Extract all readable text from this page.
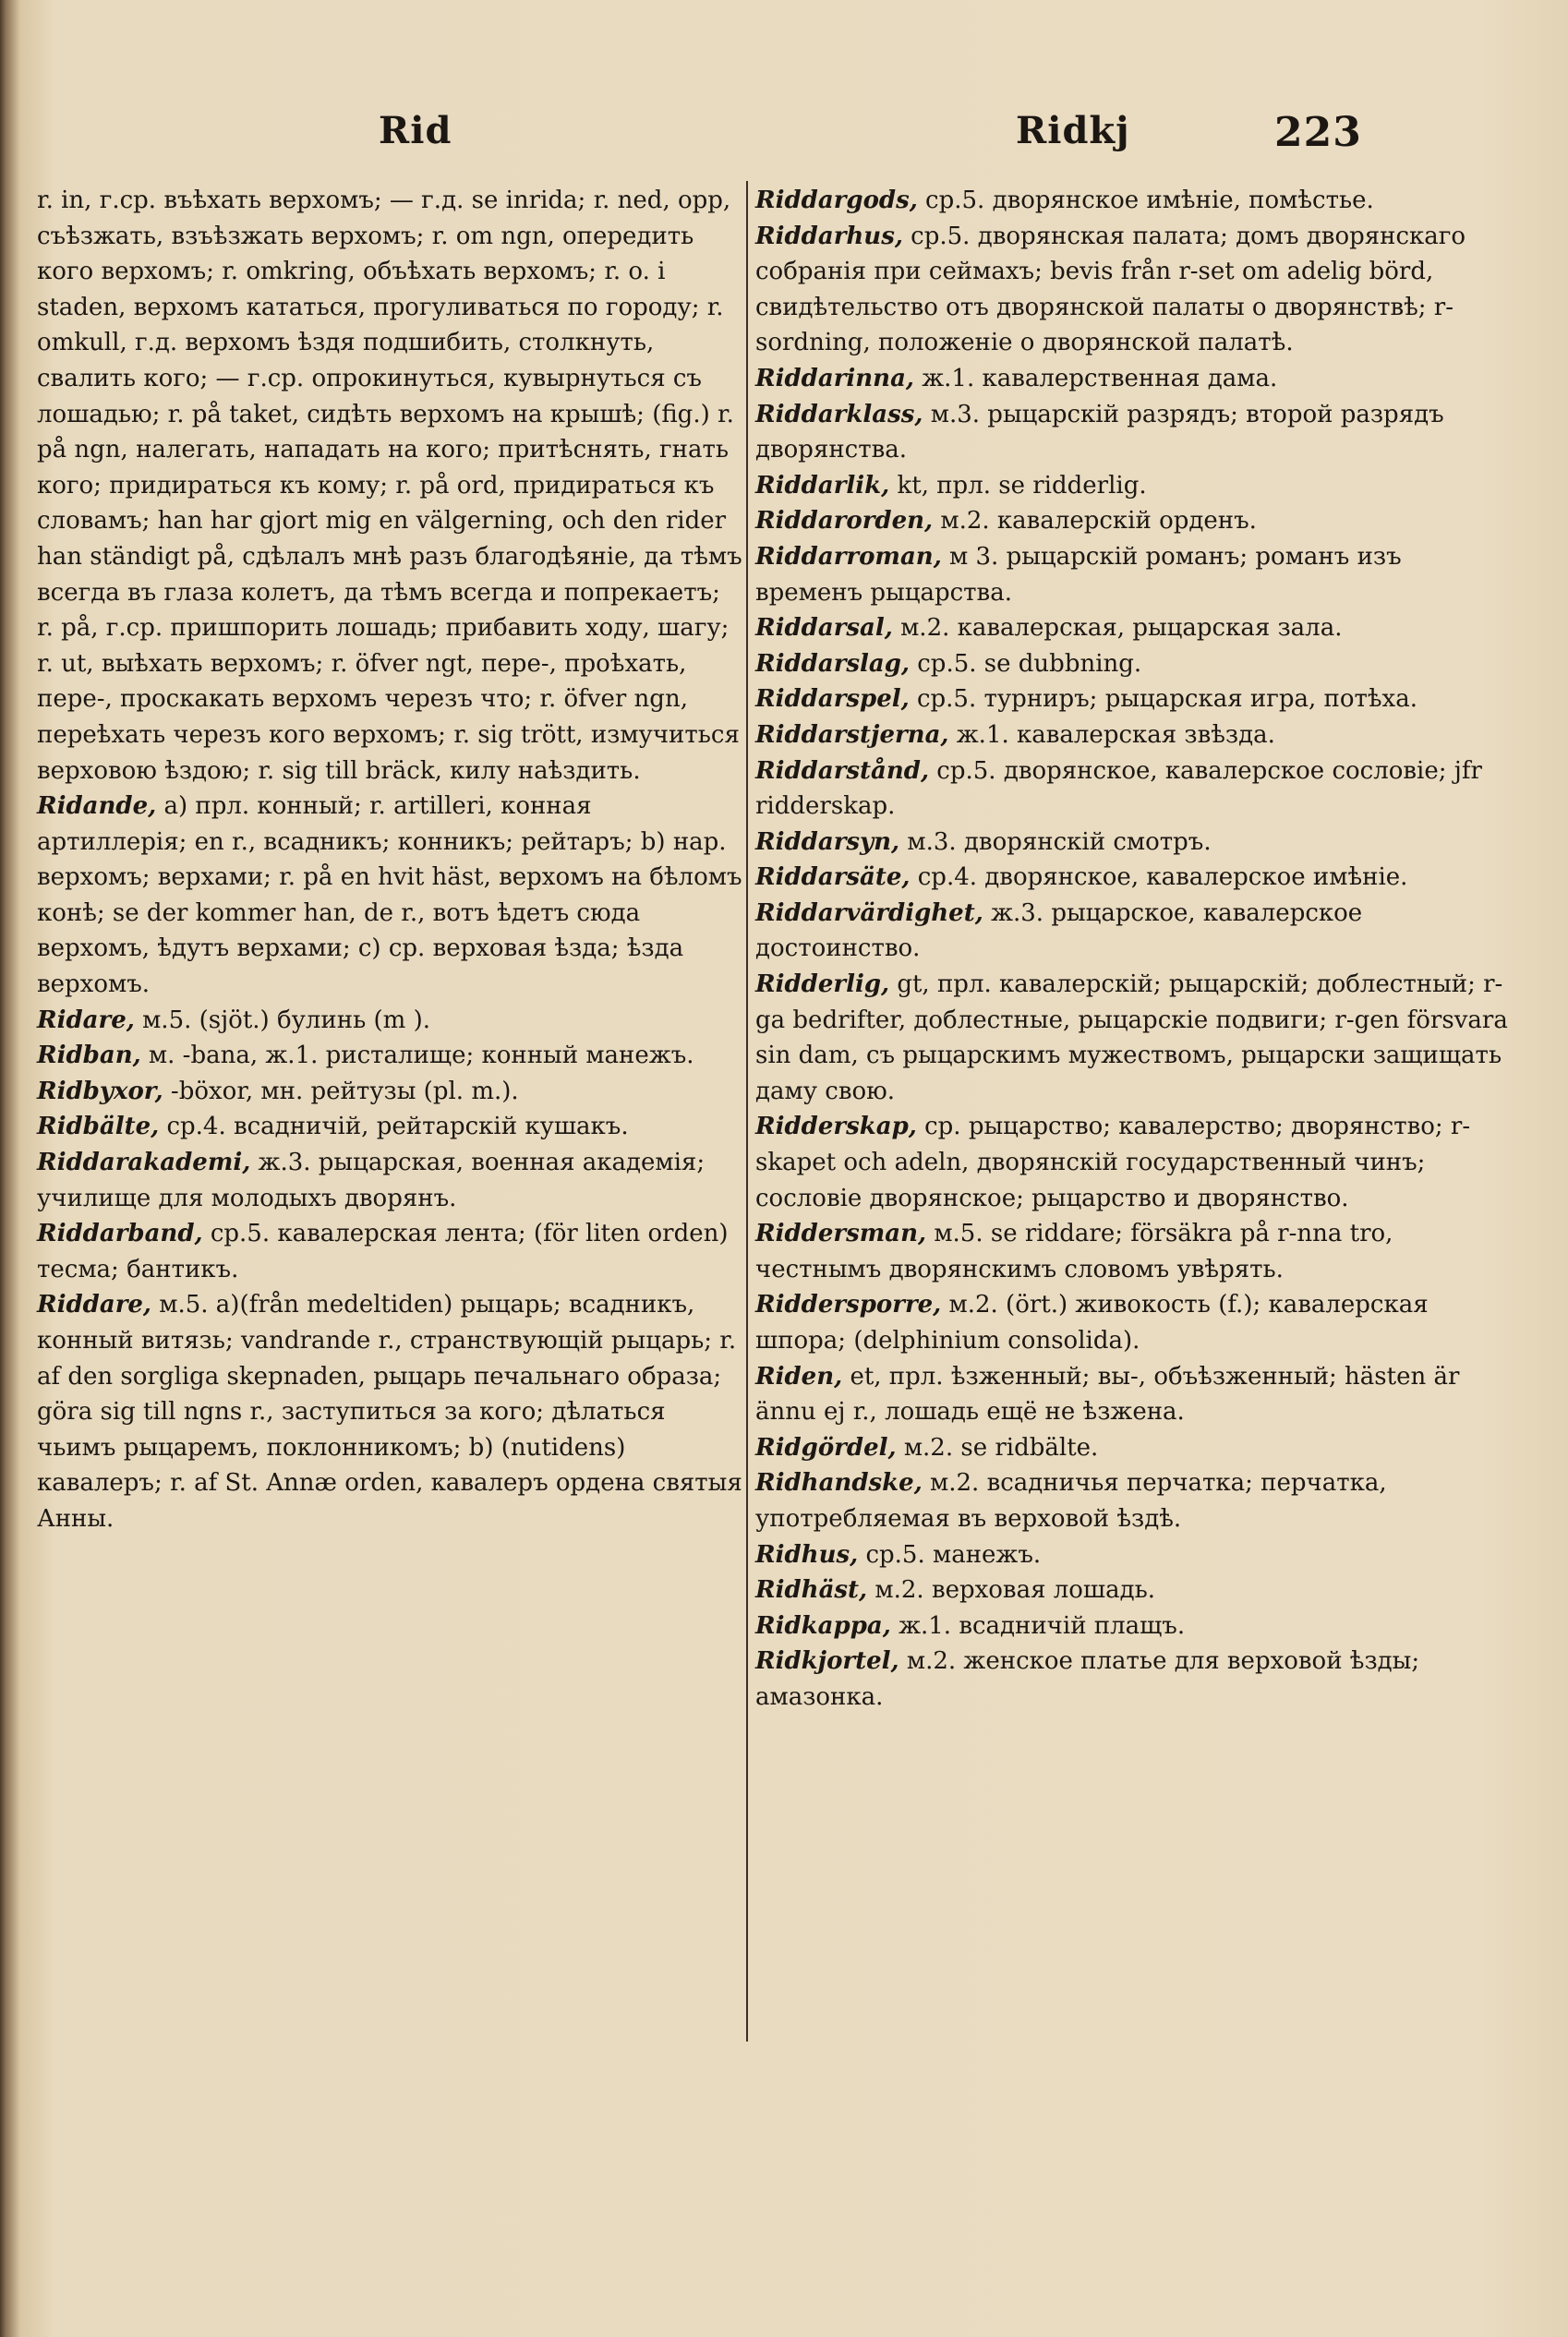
Rid	Ridkj	223
r. in, г.ср. въѣхать верхомъ; — г.д. se inrida; r. ned, opp, съѣзжать, взъѣзжать верхомъ; r. om ngn, опередить кого верхомъ; r. omkring, объѣхать верхомъ; r. o. i staden, верхомъ кататься, прогуливаться по городу; r. omkull, г.д. верхомъ ѣздя подшибить, столкнуть, свалить кого; — г.ср. опрокинуться, кувырнуться съ лошадью; r. på taket, сидѣть верхомъ на крышѣ; (fig.) r. på ngn, налегать, нападать на кого; притѣснять, гнать кого; придираться къ кому; r. på ord, придираться къ словамъ; han har gjort mig en välgerning, och den rider han ständigt på, сдѣлалъ мнѣ разъ благодѣяніе, да тѣмъ всегда въ глаза колетъ, да тѣмъ всегда и попрекаетъ; r. på, г.ср. пришпорить лошадь; прибавить ходу, шагу; r. ut, выѣхать верхомъ; r. öfver ngt, пере-, проѣхать, пере-, проскакать верхомъ черезъ что; r. öfver ngn, переѣхать черезъ кого верхомъ; r. sig trött, измучиться верховою ѣздою; r. sig till bräck, килу наѣздить.
Ridande, a) прл. конный; r. artilleri, конная артиллерія; en r., всадникъ; конникъ; рейтаръ; b) нар. верхомъ; верхами; r. på en hvit häst, верхомъ на бѣломъ конѣ; se der kommer han, de r., вотъ ѣдетъ сюда верхомъ, ѣдутъ верхами; c) ср. верховая ѣзда; ѣзда верхомъ.
Ridare, м.5. (sjöt.) булинь (m ).
Ridban, м. -bana, ж.1. ристалище; конный манежъ.
Ridbyxor, -böxor, мн. рейтузы (pl. m.).
Ridbälte, ср.4. всадничій, рейтарскій кушакъ.
Riddarakademi, ж.3. рыцарская, военная академія; училище для молодыхъ дворянъ.
Riddarband, ср.5. кавалерская лента; (för liten orden) тесма; бантикъ.
Riddare, м.5. a)(från medeltiden) рыцарь; всадникъ, конный витязь; vandrande r., странствующій рыцарь; r. af den sorgliga skepnaden, рыцарь печальнаго образа; göra sig till ngns r., заступиться за кого; дѣлаться чьимъ рыцаремъ, поклонникомъ; b) (nutidens) кавалеръ; r. af St. Annæ orden, кавалеръ ордена святыя Анны.
Riddargods, ср.5. дворянское имѣніе, помѣстье.
Riddarhus, ср.5. дворянская палата; домъ дворянскаго собранія при сеймахъ; bevis från r-set om adelig börd, свидѣтельство отъ дворянской палаты о дворянствѣ; r-sordning, положеніе о дворянской палатѣ.
Riddarinna, ж.1. кавалерственная дама.
Riddarklass, м.3. рыцарскій разрядъ; второй разрядъ дворянства.
Riddarlik, kt, прл. se ridderlig.
Riddarorden, м.2. кавалерскій орденъ.
Riddarroman, м 3. рыцарскій романъ; романъ изъ временъ рыцарства.
Riddarsal, м.2. кавалерская, рыцарская зала.
Riddarslag, ср.5. se dubbning.
Riddarspel, ср.5. турниръ; рыцарская игра, потѣха.
Riddarstjerna, ж.1. кавалерская звѣзда.
Riddarstånd, ср.5. дворянское, кавалерское сословіе; jfr ridderskap.
Riddarsyn, м.3. дворянскій смотръ.
Riddarsäte, ср.4. дворянское, кавалерское имѣніе.
Riddarvärdighet, ж.3. рыцарское, кавалерское достоинство.
Ridderlig, gt, прл. кавалерскій; рыцарскій; доблестный; r-ga bedrifter, доблестные, рыцарскіе подвиги; r-gen försvara sin dam, съ рыцарскимъ мужествомъ, рыцарски защищать даму свою.
Ridderskap, ср. рыцарство; кавалерство; дворянство; r-skapet och adeln, дворянскій государственный чинъ; сословіе дворянское; рыцарство и дворянство.
Riddersman, м.5. se riddare; försäkra på r-nna tro, честнымъ дворянскимъ словомъ увѣрять.
Riddersporre, м.2. (ört.) живокость (f.); кавалерская шпора; (delphinium consolida).
Riden, et, прл. ѣзженный; вы-, объѣзженный; hästen är ännu ej r., лошадь ещё не ѣзжена.
Ridgördel, м.2. se ridbälte.
Ridhandske, м.2. всадничья перчатка; перчатка, употребляемая въ верховой ѣздѣ.
Ridhus, ср.5. манежъ.
Ridhäst, м.2. верховая лошадь.
Ridkappa, ж.1. всадничій плащъ.
Ridkjortel, м.2. женское платье для верховой ѣзды; амазонка.
